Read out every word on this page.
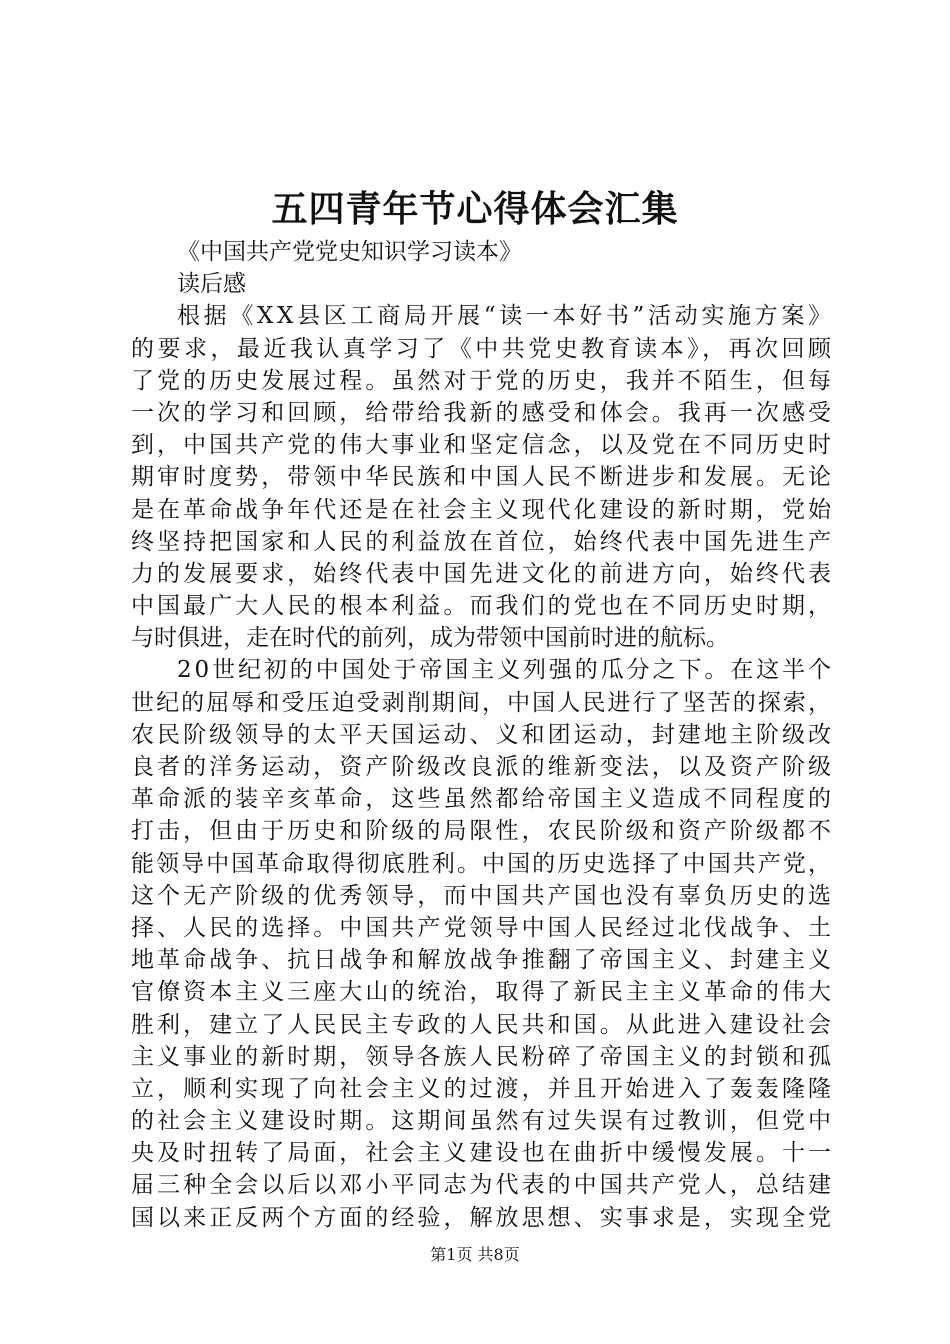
五四青年节心得体会汇集
《中国共产党党史知识学习读本》
读后感
根据《XX县区工商局开展“读一本好书”活动实施方案》
的要求，最近我认真学习了《中共党史教育读本》，再次回顾
了党的历史发展过程。虽然对于党的历史，我并不陌生，但每
一次的学习和回顾，给带给我新的感受和体会。我再一次感受
到，中国共产党的伟大事业和坚定信念，以及党在不同历史时
期审时度势，带领中华民族和中国人民不断进步和发展。无论
是在革命战争年代还是在社会主义现代化建设的新时期，党始
终坚持把国家和人民的利益放在首位，始终代表中国先进生产
力的发展要求，始终代表中国先进文化的前进方向，始终代表
中国最广大人民的根本利益。而我们的党也在不同历史时期，
与时俱进，走在时代的前列，成为带领中国前时进的航标。
20世纪初的中国处于帝国主义列强的瓜分之下。在这半个
世纪的屈辱和受压迫受剥削期间，中国人民进行了坚苦的探索，
农民阶级领导的太平天国运动、义和团运动，封建地主阶级改
良者的洋务运动，资产阶级改良派的维新变法，以及资产阶级
革命派的装辛亥革命，这些虽然都给帝国主义造成不同程度的
打击，但由于历史和阶级的局限性，农民阶级和资产阶级都不
能领导中国革命取得彻底胜利。中国的历史选择了中国共产党，
这个无产阶级的优秀领导，而中国共产国也没有辜负历史的选
择、人民的选择。中国共产党领导中国人民经过北伐战争、土
地革命战争、抗日战争和解放战争推翻了帝国主义、封建主义
官僚资本主义三座大山的统治，取得了新民主主义革命的伟大
胜利，建立了人民民主专政的人民共和国。从此进入建设社会
主义事业的新时期，领导各族人民粉碎了帝国主义的封锁和孤
立，顺利实现了向社会主义的过渡，并且开始进入了轰轰隆隆
的社会主义建设时期。这期间虽然有过失误有过教训，但党中
央及时扭转了局面，社会主义建设也在曲折中缓慢发展。十一
届三种全会以后以邓小平同志为代表的中国共产党人，总结建
国以来正反两个方面的经验，解放思想、实事求是，实现全党
第1页 共8页
